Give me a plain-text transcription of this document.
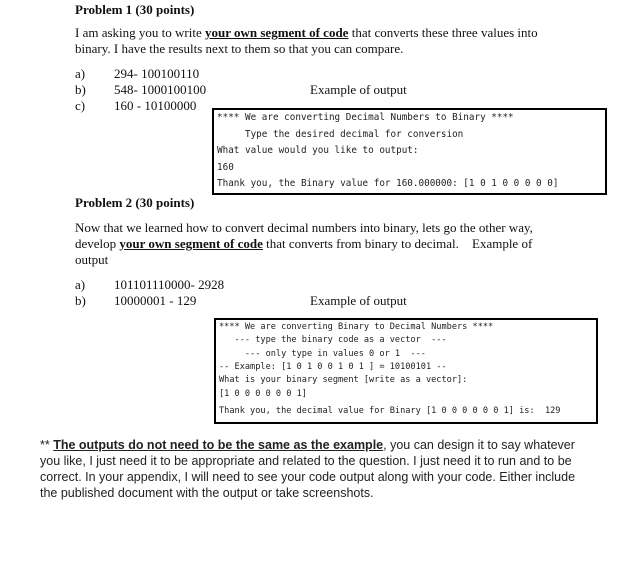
Problem 1 (30 points)
I am asking you to write your own segment of code that converts these three values into
binary. I have the results next to them so that you can compare.
a) 294- 100100110
b) 548- 1000100100
c) 160 - 10100000
Example of output
**** We are converting Decimal Numbers to Binary ****
Type the desired decimal for conversion
What value would you like to output:
160
Thank you, the Binary value for 160.000000: [1 0 1 0 0 0 0 0]
Problem 2 (30 points)
Now that we learned how to convert decimal numbers into binary, lets go the other way,
develop your own segment of code that converts from binary to decimal. Example of
output
a) 101101110000- 2928
b) 10000001 - 129	Example of output
**** We are converting Binary to Decimal Numbers ****
--- type the binary code as a vector  ---
--- only type in values 0 or 1  ---
-- Example: [1 0 1 0 0 1 0 1 ] = 10100101 --
What is your binary segment [write as a vector]:
[1 0 0 0 0 0 0 1]
Thank you, the decimal value for Binary [1 0 0 0 0 0 0 1] is:  129
** The outputs do not need to be the same as the example, you can design it to say whatever you like, I just need it to be appropriate and related to the question. I just need it to run and to be correct. In your appendix, I will need to see your code output along with your code. Either include the published document with the output or take screenshots.
